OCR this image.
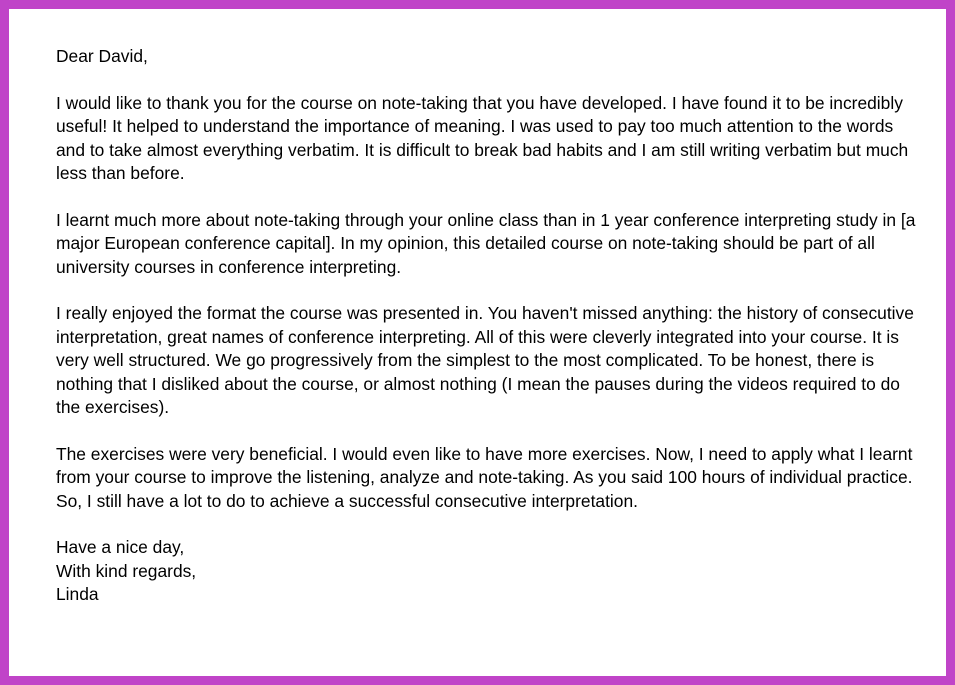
Dear David,

I would like to thank you for the course on note-taking that you have developed. I have found it to be incredibly useful! It helped to understand the importance of meaning. I was used to pay too much attention to the words and to take almost everything verbatim. It is difficult to break bad habits and I am still writing verbatim but much less than before.

I learnt much more about note-taking through your online class than in 1 year conference interpreting study in [a major European conference capital]. In my opinion, this detailed course on note-taking should be part of all university courses in conference interpreting.

I really enjoyed the format the course was presented in. You haven't missed anything: the history of consecutive interpretation, great names of conference interpreting. All of this were cleverly integrated into your course. It is very well structured. We go progressively from the simplest to the most complicated. To be honest, there is nothing that I disliked about the course, or almost nothing (I mean the pauses during the videos required to do the exercises).

The exercises were very beneficial. I would even like to have more exercises. Now, I need to apply what I learnt from your course to improve the listening, analyze and note-taking. As you said 100 hours of individual practice. So, I still have a lot to do to achieve a successful consecutive interpretation.

Have a nice day,
With kind regards,
Linda
